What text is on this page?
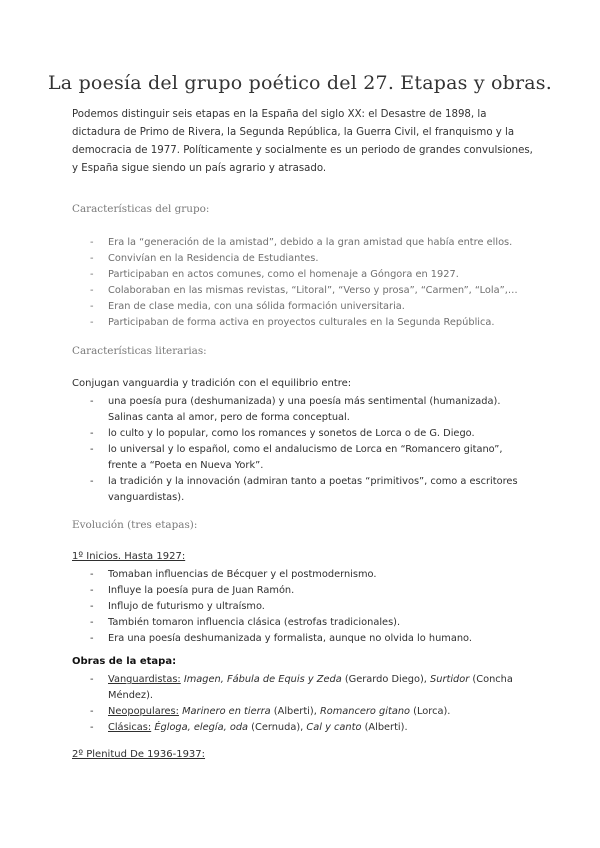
La poesía del grupo poético del 27. Etapas y obras.

Podemos distinguir seis etapas en la España del siglo XX: el Desastre de 1898, la dictadura de Primo de Rivera, la Segunda República, la Guerra Civil, el franquismo y la democracia de 1977. Políticamente y socialmente es un periodo de grandes convulsiones, y España sigue siendo un país agrario y atrasado.

Características del grupo:
- Era la “generación de la amistad”, debido a la gran amistad que había entre ellos.
- Convivían en la Residencia de Estudiantes.
- Participaban en actos comunes, como el homenaje a Góngora en 1927.
- Colaboraban en las mismas revistas, “Litoral”, “Verso y prosa”, “Carmen”, “Lola”,…
- Eran de clase media, con una sólida formación universitaria.
- Participaban de forma activa en proyectos culturales en la Segunda República.
Características literarias:
Conjugan vanguardia y tradición con el equilibrio entre:
- una poesía pura (deshumanizada) y una poesía más sentimental (humanizada). Salinas canta al amor, pero de forma conceptual.
- lo culto y lo popular, como los romances y sonetos de Lorca o de G. Diego.
- lo universal y lo español, como el andalucismo de Lorca en “Romancero gitano”, frente a “Poeta en Nueva York”.
- la tradición y la innovación (admiran tanto a poetas “primitivos”, como a escritores vanguardistas).
Evolución (tres etapas):
1º Inicios. Hasta 1927:
- Tomaban influencias de Bécquer y el postmodernismo.
- Influye la poesía pura de Juan Ramón.
- Influjo de futurismo y ultraísmo.
- También tomaron influencia clásica (estrofas tradicionales).
- Era una poesía deshumanizada y formalista, aunque no olvida lo humano.
Obras de la etapa:
- Vanguardistas: Imagen, Fábula de Equis y Zeda (Gerardo Diego), Surtidor (Concha Méndez).
- Neopopulares: Marinero en tierra (Alberti), Romancero gitano (Lorca).
- Clásicas: Égloga, elegía, oda (Cernuda), Cal y canto (Alberti).
2º Plenitud De 1936-1937:
